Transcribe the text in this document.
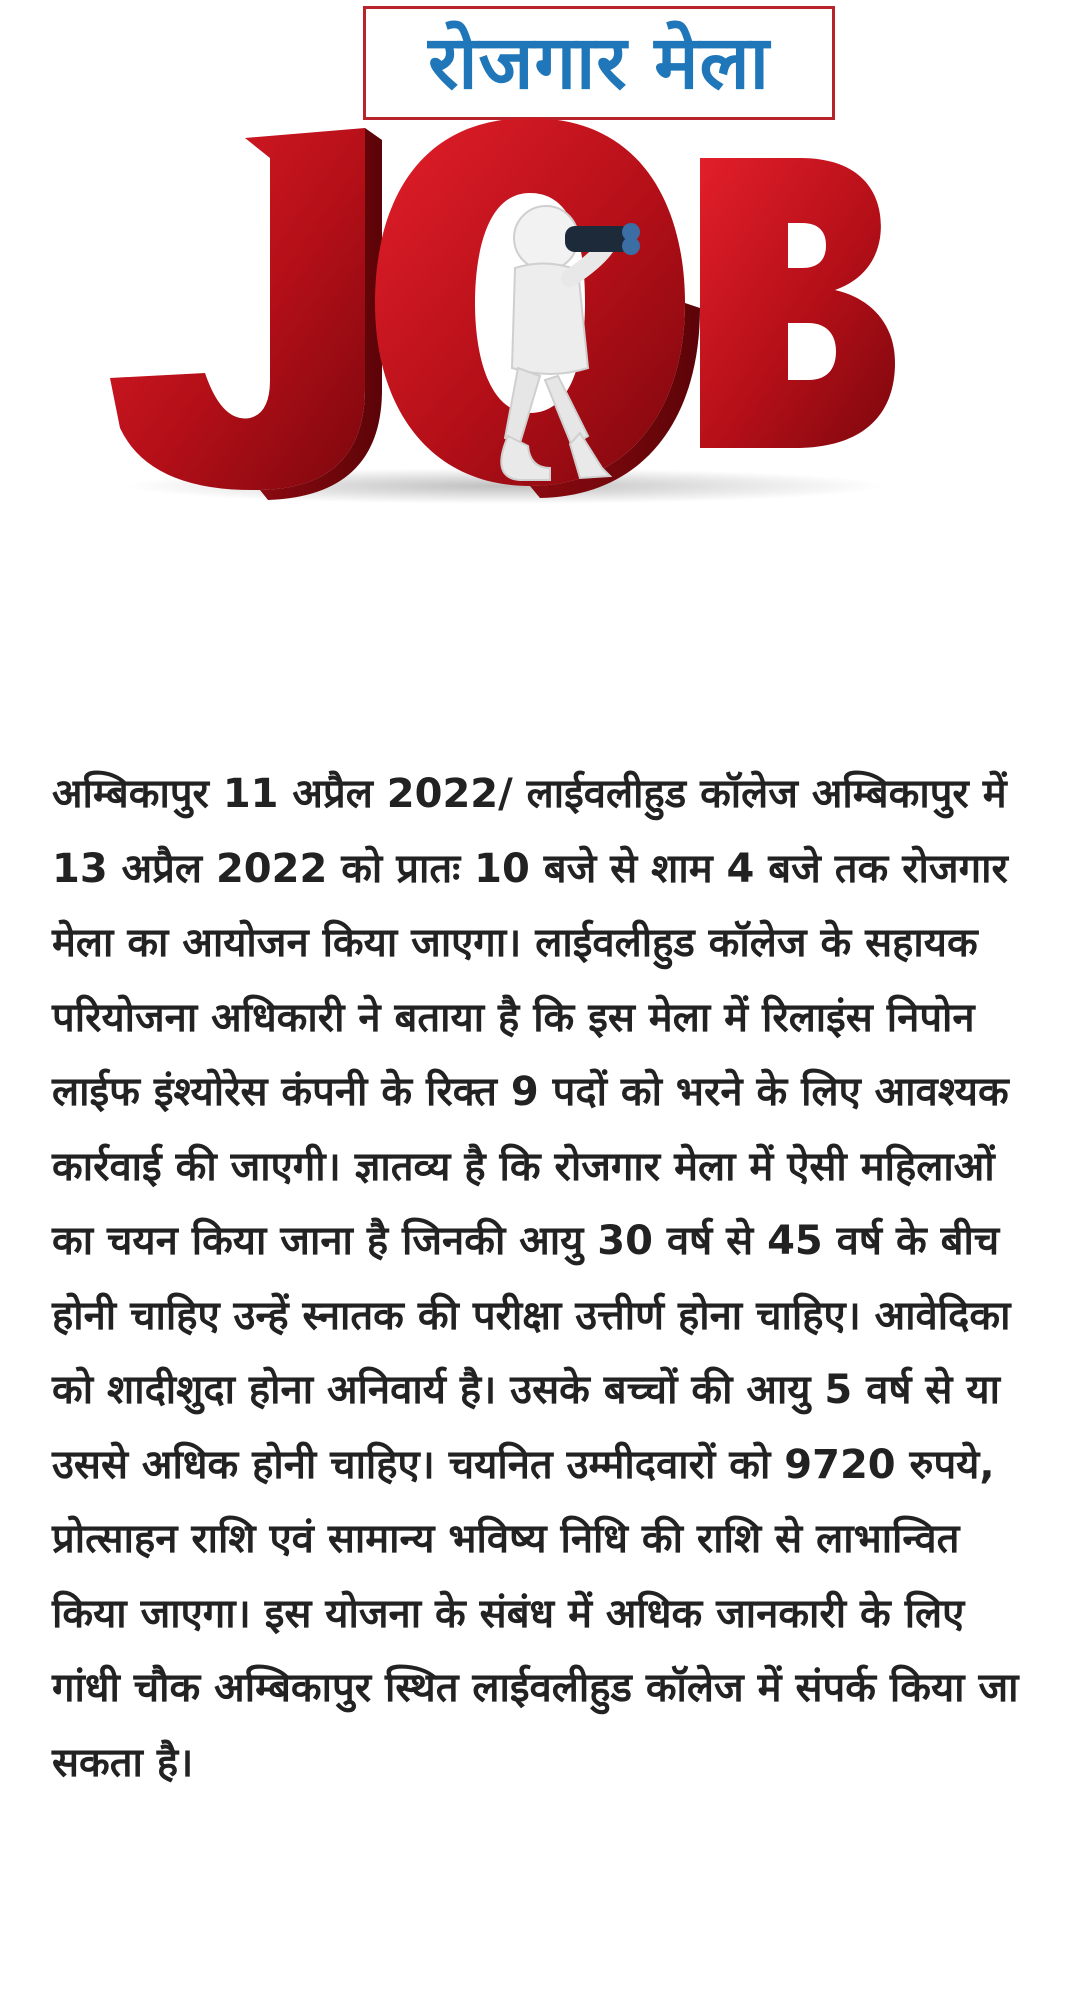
रोजगार मेला

अम्बिकापुर 11 अप्रैल 2022/ लाईवलीहुड कॉलेज अम्बिकापुर में 13 अप्रैल 2022 को प्रातः 10 बजे से शाम 4 बजे तक रोजगार मेला का आयोजन किया जाएगा। लाईवलीहुड कॉलेज के सहायक परियोजना अधिकारी ने बताया है कि इस मेला में रिलाइंस निपोन लाईफ इंश्योरेस कंपनी के रिक्त 9 पदों को भरने के लिए आवश्यक कार्रवाई की जाएगी। ज्ञातव्य है कि रोजगार मेला में ऐसी महिलाओं का चयन किया जाना है जिनकी आयु 30 वर्ष से 45 वर्ष के बीच होनी चाहिए उन्हें स्नातक की परीक्षा उत्तीर्ण होना चाहिए। आवेदिका को शादीशुदा होना अनिवार्य है। उसके बच्चों की आयु 5 वर्ष से या उससे अधिक होनी चाहिए। चयनित उम्मीदवारों को 9720 रुपये, प्रोत्साहन राशि एवं सामान्य भविष्य निधि की राशि से लाभान्वित किया जाएगा। इस योजना के संबंध में अधिक जानकारी के लिए गांधी चौक अम्बिकापुर स्थित लाईवलीहुड कॉलेज में संपर्क किया जा सकता है।
